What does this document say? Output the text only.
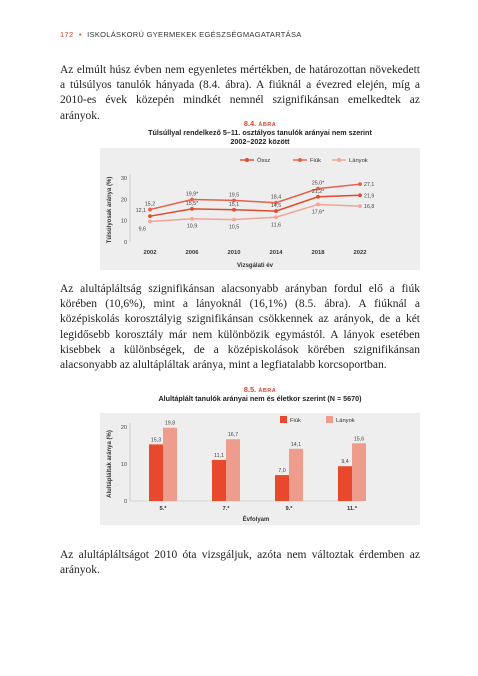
172 • ISKOLÁSKORÚ GYERMEKEK EGÉSZSÉGMAGATARTÁSA

Az elmúlt húsz évben nem egyenletes mértékben, de határozottan növekedett a túlsúlyos tanulók hányada (8.4. ábra). A fiúknál a évezred elején, míg a 2010-es évek közepén mindkét nemnél szignifikánsan emelkedtek az arányok.

8.4. ÁBRA
Túlsúllyal rendelkező 5–11. osztályos tanulók arányai nem szerint
2002–2022 között
0
10
20
30
2002	2006	2010	2014	2018	2022
Vizsgálati év
Túlsúlyosak aránya (%)
Össz	Fiúk	Lányok
12,1
15,5*	15,1	14,5
21,2*
21,9
15,2
19,9*	19,5	18,4
25,0*	27,1
9,6	10,9	10,5	11,6
17,6*
16,8

Az alultápláltság szignifikánsan alacsonyabb arányban fordul elő a fiúk körében (10,6%), mint a lányoknál (16,1%) (8.5. ábra). A fiúknál a középiskolás korosztályig szignifikánsan csökkennek az arányok, de a két legidősebb korosztály már nem különbözik egymástól. A lányok esetében kisebbek a különbségek, de a középiskolások körében szignifikánsan alacsonyabb az alultápláltak aránya, mint a legfiatalabb korcsoportban.

8.5. ÁBRA
Alultáplált tanulók arányai nem és életkor szerint (N = 5670)
0
10
20
Alultápláltak aránya (%)
Évfolyam
Fiúk	Lányok
15,3
19,8
5.*
11,1
16,7
7.*
7,0
14,1
9.*
9,4
15,6
11.*

Az alultápláltságot 2010 óta vizsgáljuk, azóta nem változtak érdemben az arányok.
